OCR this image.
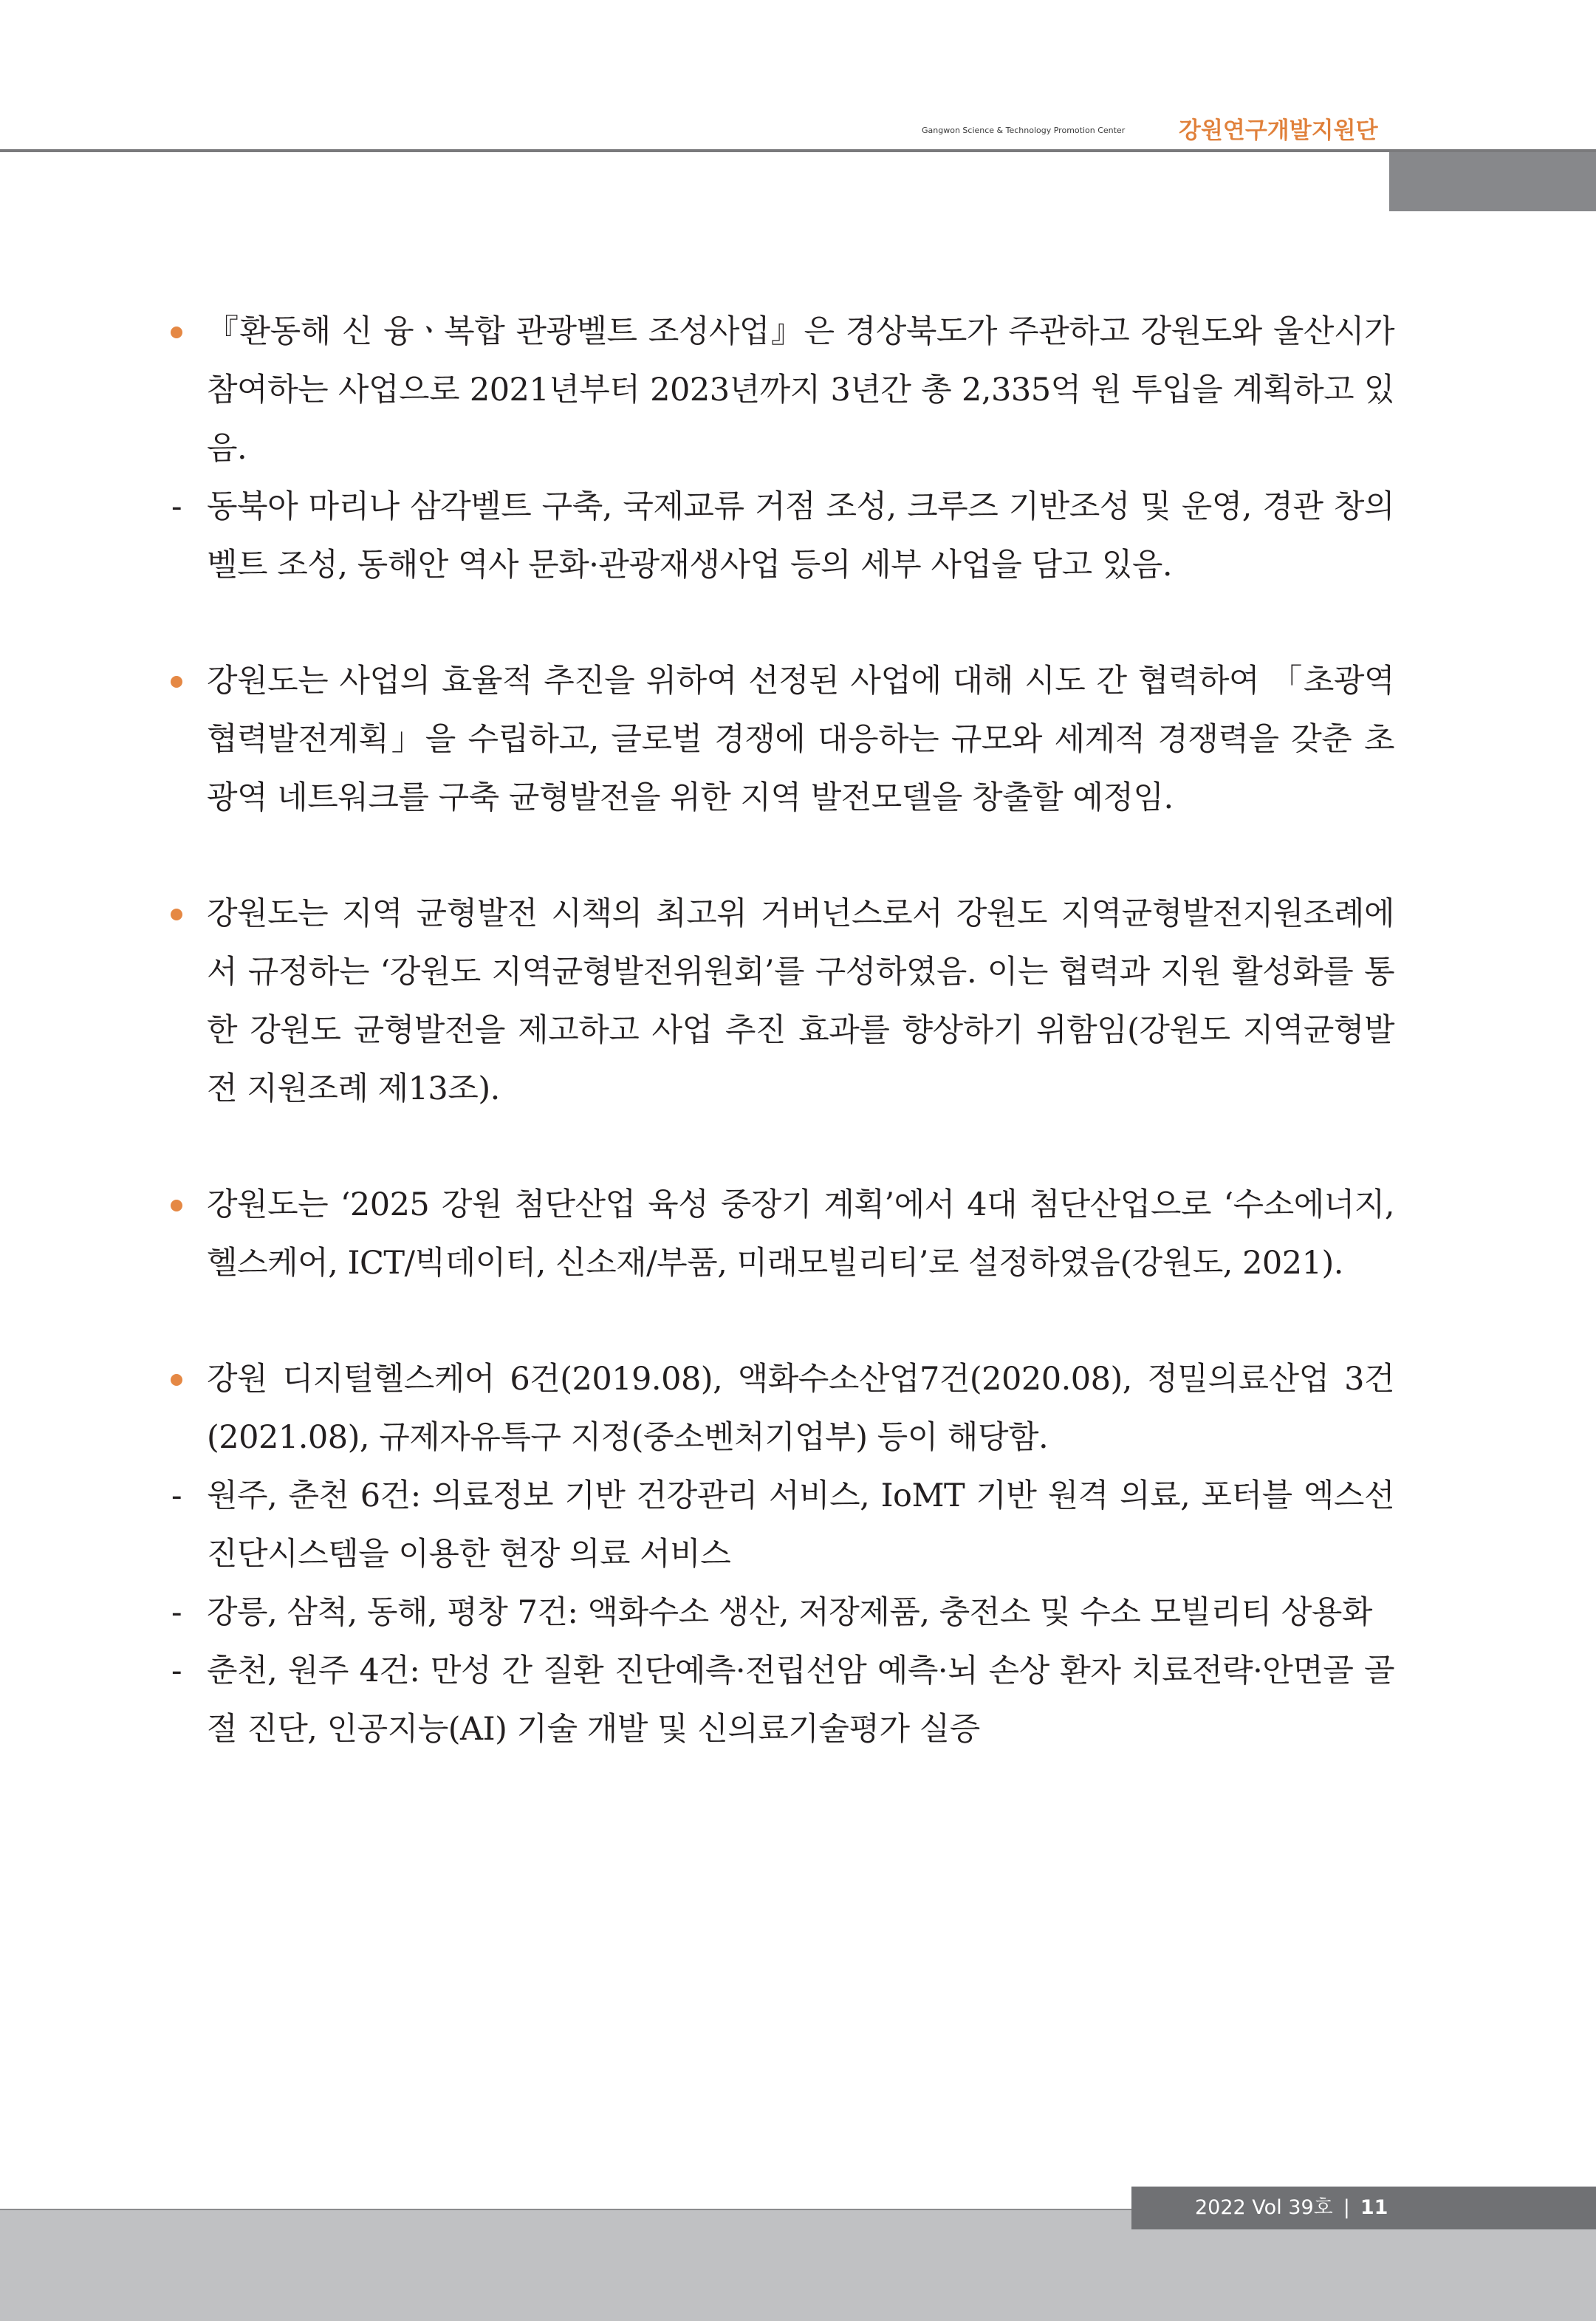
Gangwon Science & Technology Promotion Center 강원연구개발지원단
『환동해 신 융ㆍ복합 관광벨트 조성사업』은 경상북도가 주관하고 강원도와 울산시가 참여하는 사업으로 2021년부터 2023년까지 3년간 총 2,335억 원 투입을 계획하고 있음.
- 동북아 마리나 삼각벨트 구축, 국제교류 거점 조성, 크루즈 기반조성 및 운영, 경관 창의벨트 조성, 동해안 역사 문화·관광재생사업 등의 세부 사업을 담고 있음.
강원도는 사업의 효율적 추진을 위하여 선정된 사업에 대해 시도 간 협력하여 「초광역협력발전계획」을 수립하고, 글로벌 경쟁에 대응하는 규모와 세계적 경쟁력을 갖춘 초광역 네트워크를 구축 균형발전을 위한 지역 발전모델을 창출할 예정임.
강원도는 지역 균형발전 시책의 최고위 거버넌스로서 강원도 지역균형발전지원조례에서 규정하는 ‘강원도 지역균형발전위원회’를 구성하였음. 이는 협력과 지원 활성화를 통한 강원도 균형발전을 제고하고 사업 추진 효과를 향상하기 위함임(강원도 지역균형발전 지원조례 제13조).
강원도는 ‘2025 강원 첨단산업 육성 중장기 계획’에서 4대 첨단산업으로 ‘수소에너지, 헬스케어, ICT/빅데이터, 신소재/부품, 미래모빌리티’로 설정하였음(강원도, 2021).
강원 디지털헬스케어 6건(2019.08), 액화수소산업7건(2020.08), 정밀의료산업 3건(2021.08), 규제자유특구 지정(중소벤처기업부) 등이 해당함.
- 원주, 춘천 6건: 의료정보 기반 건강관리 서비스, IoMT 기반 원격 의료, 포터블 엑스선 진단시스템을 이용한 현장 의료 서비스
- 강릉, 삼척, 동해, 평창 7건: 액화수소 생산, 저장제품, 충전소 및 수소 모빌리티 상용화
- 춘천, 원주 4건: 만성 간 질환 진단예측·전립선암 예측·뇌 손상 환자 치료전략·안면골 골절 진단, 인공지능(AI) 기술 개발 및 신의료기술평가 실증
2022 Vol 39호 | 11
